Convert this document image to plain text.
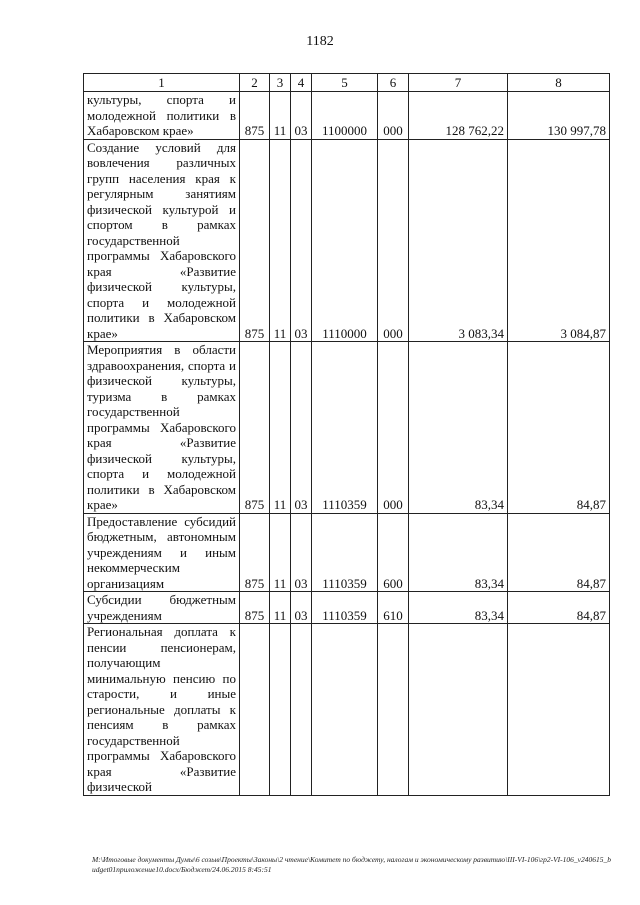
1182
1	2	3	4	5	6	7	8
культуры, спорта и молодежной политики в Хабаровском крае»	875	11	03	1100000	000	128 762,22	130 997,78
Создание условий для вовлечения различных групп населения края к регулярным занятиям физической культурой и спортом в рамках государственной программы Хабаровского края «Развитие физической культуры, спорта и молодежной политики в Хабаровском крае»	875	11	03	1110000	000	3 083,34	3 084,87
Мероприятия в области здравоохранения, спорта и физической культуры, туризма в рамках государственной программы Хабаровского края «Развитие физической культуры, спорта и молодежной политики в Хабаровском крае»	875	11	03	1110359	000	83,34	84,87
Предоставление субсидий бюджетным, автономным учреждениям и иным некоммерческим организациям	875	11	03	1110359	600	83,34	84,87
Субсидии бюджетным учреждениям	875	11	03	1110359	610	83,34	84,87
Региональная доплата к пенсии пенсионерам, получающим минимальную пенсию по старости, и иные региональные доплаты к пенсиям в рамках государственной программы Хабаровского края «Развитие физической							
M:\Итоговые документы Думы\6 созыв\Проекты\Законы\2 чтение\Комитет по бюджету, налогам и экономическому развитию\III-VI-106\гр2-VI-106_v240615_budget01приложение10.docx/Бюджет/24.06.2015 8:45:51
